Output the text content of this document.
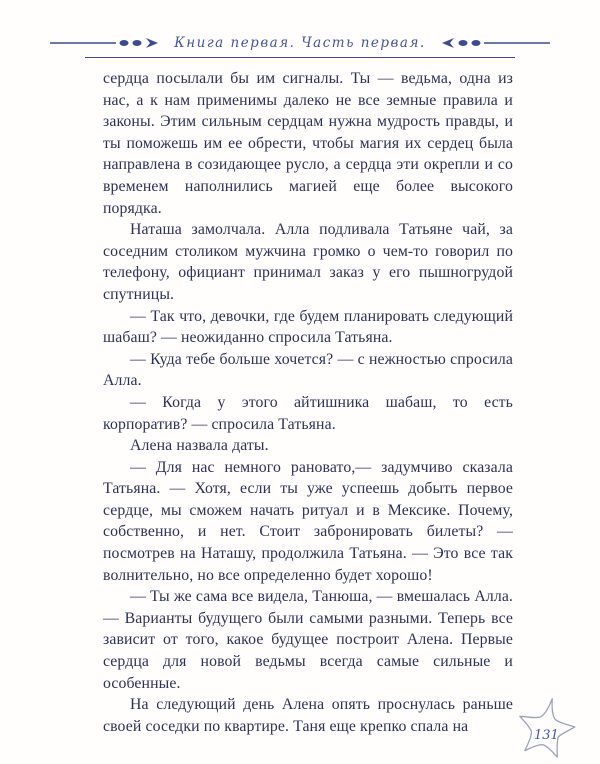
Книга первая. Часть первая.

сердца посылали бы им сигналы. Ты — ведьма, одна из нас, а к нам применимы далеко не все земные правила и законы. Этим сильным сердцам нужна мудрость правды, и ты поможешь им ее обрести, чтобы магия их сердец была направлена в созидающее русло, а сердца эти окрепли и со временем наполнились магией еще более высокого порядка.

Наташа замолчала. Алла подливала Татьяне чай, за соседним столиком мужчина громко о чем-то говорил по телефону, официант принимал заказ у его пышногрудой спутницы.

— Так что, девочки, где будем планировать следующий шабаш? — неожиданно спросила Татьяна.

— Куда тебе больше хочется? — с нежностью спросила Алла.

— Когда у этого айтишника шабаш, то есть корпоратив? — спросила Татьяна.

Алена назвала даты.

— Для нас немного рановато,— задумчиво сказала Татьяна. — Хотя, если ты уже успеешь добыть первое сердце, мы сможем начать ритуал и в Мексике. Почему, собственно, и нет. Стоит забронировать билеты? — посмотрев на Наташу, продолжила Татьяна. — Это все так волнительно, но все определенно будет хорошо!

— Ты же сама все видела, Танюша, — вмешалась Алла. — Варианты будущего были самыми разными. Теперь все зависит от того, какое будущее построит Алена. Первые сердца для новой ведьмы всегда самые сильные и особенные.

На следующий день Алена опять проснулась раньше своей соседки по квартире. Таня еще крепко спала на

131
